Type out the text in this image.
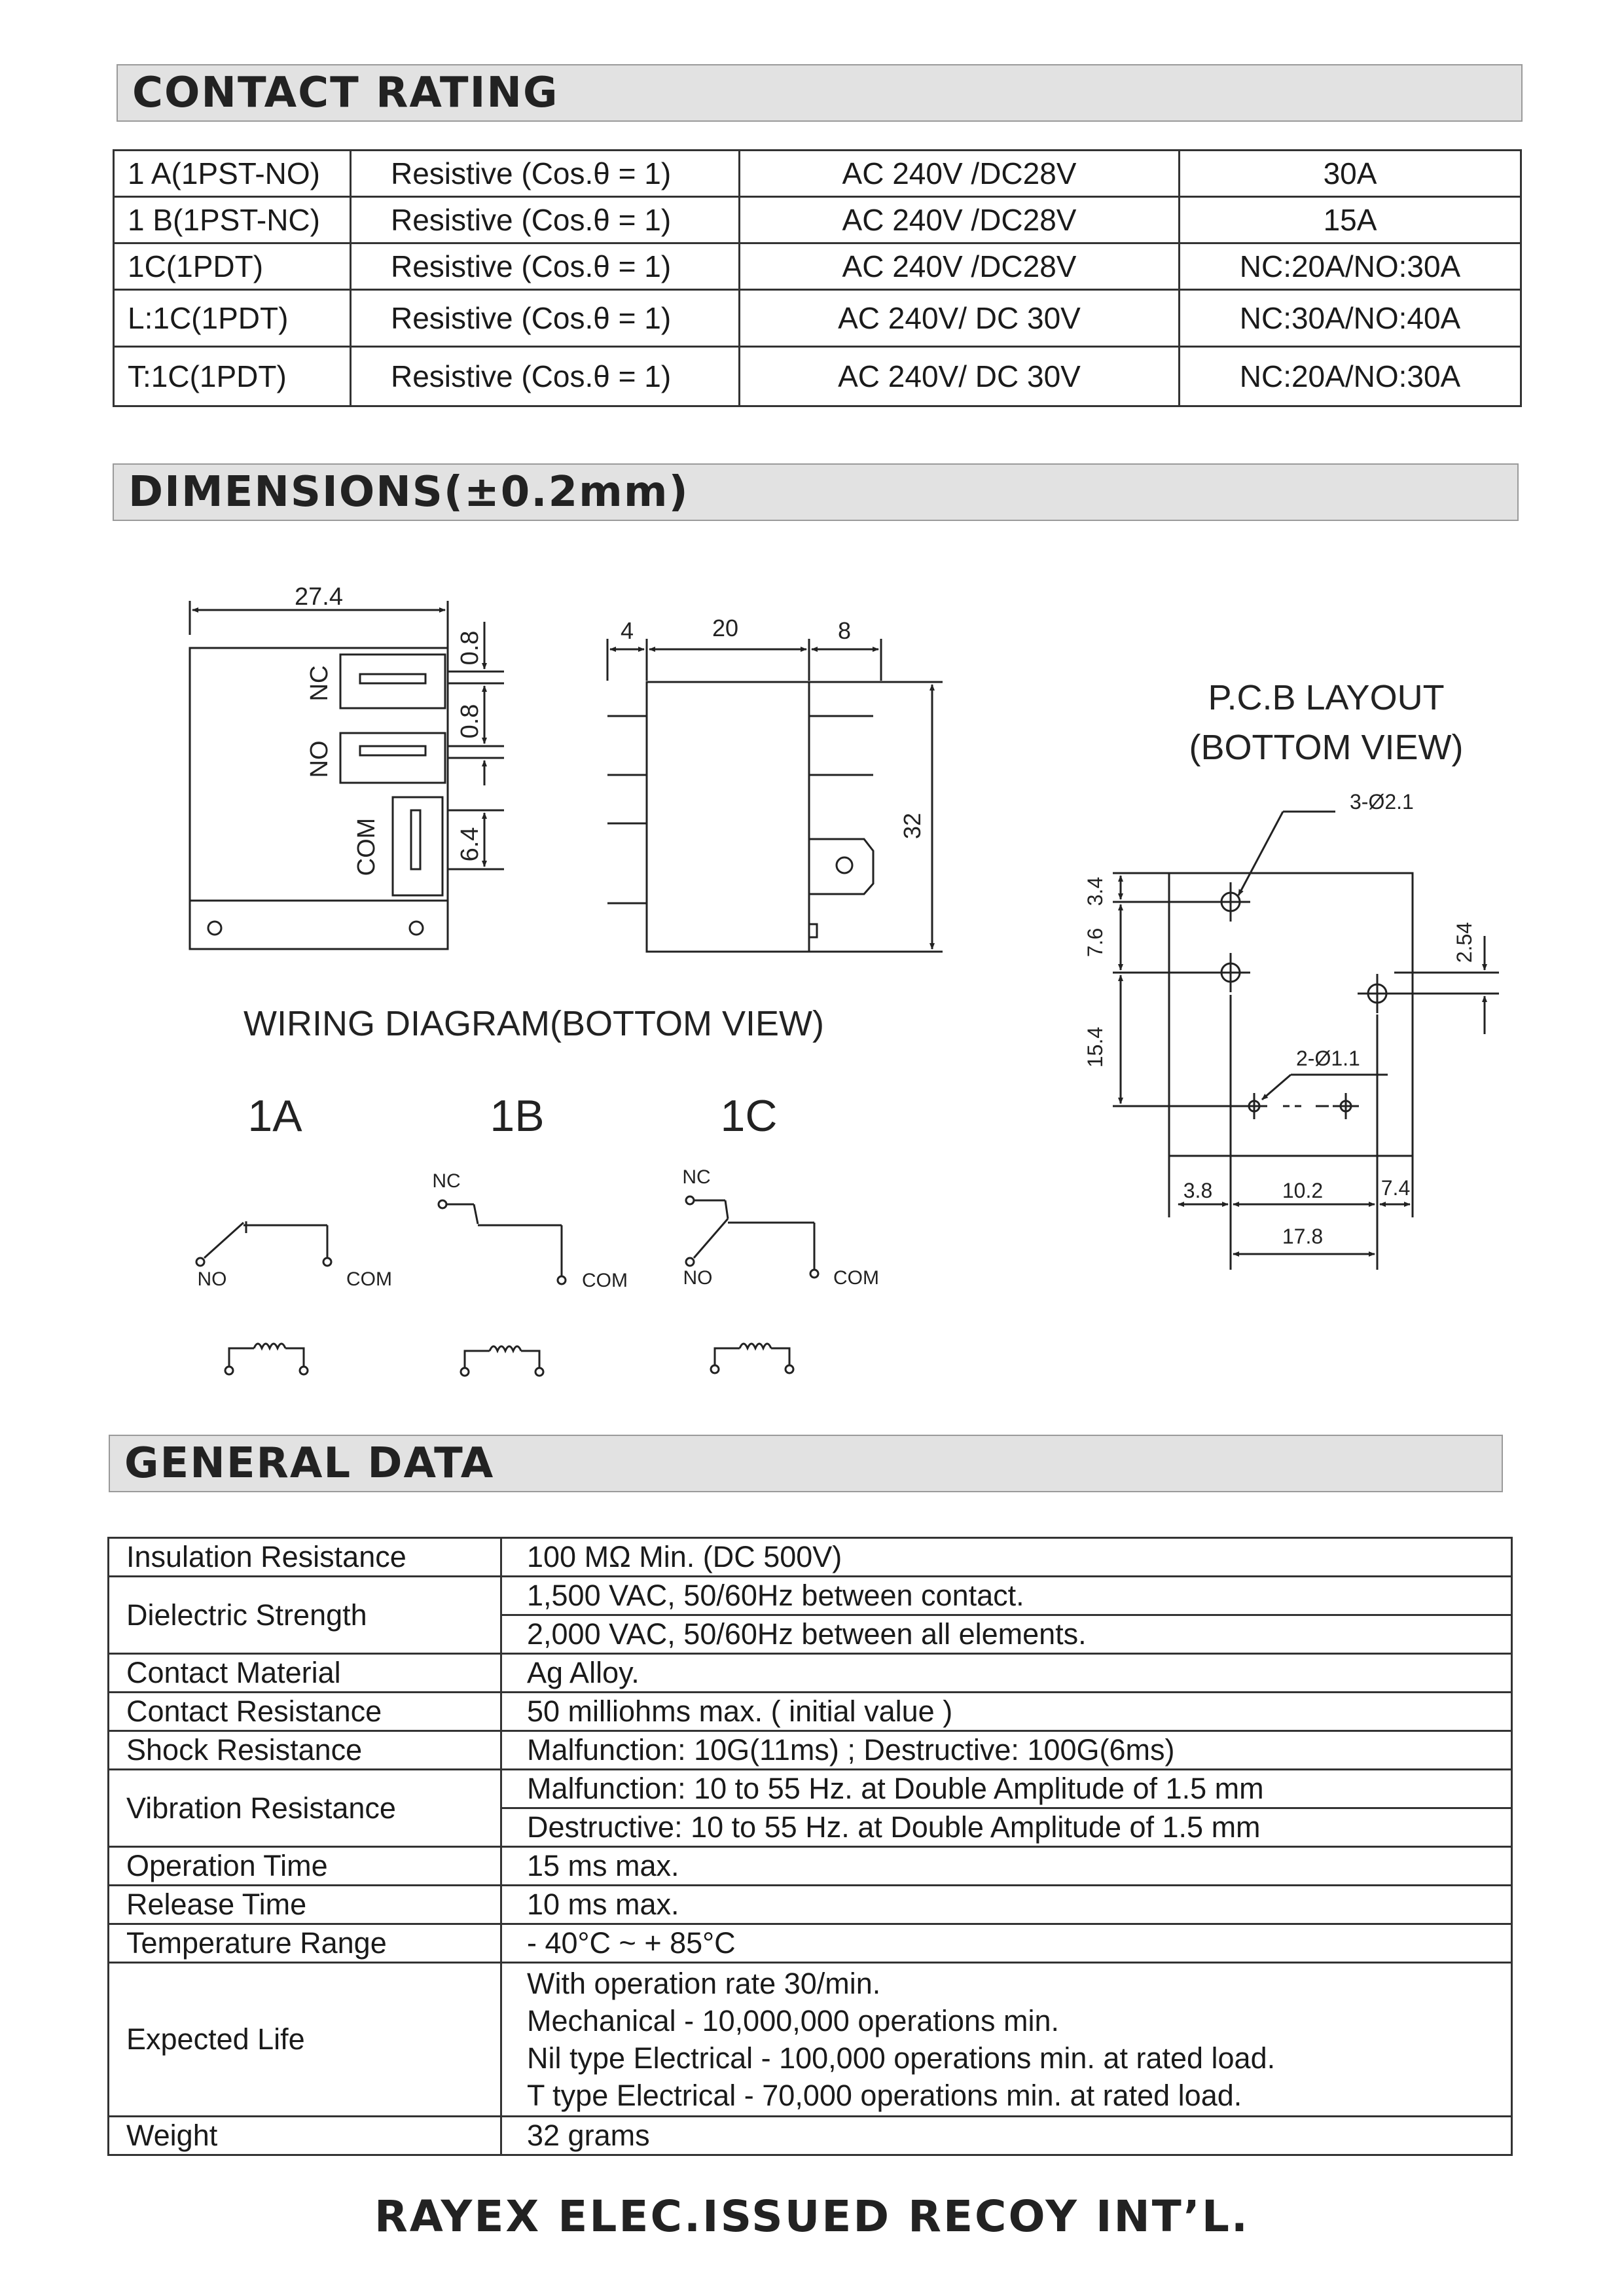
CONTACT RATING
1 A(1PST-NO)	Resistive (Cos.θ = 1)	AC 240V /DC28V	30A
1 B(1PST-NC)	Resistive (Cos.θ = 1)	AC 240V /DC28V	15A
1C(1PDT)	Resistive (Cos.θ = 1)	AC 240V /DC28V	NC:20A/NO:30A
L:1C(1PDT)	Resistive (Cos.θ = 1)	AC 240V/ DC 30V	NC:30A/NO:40A
T:1C(1PDT)	Resistive (Cos.θ = 1)	AC 240V/ DC 30V	NC:20A/NO:30A
DIMENSIONS(±0.2mm)
27.4
0.8
0.8
6.4
NC
NO
COM
4	20	8
32
P.C.B LAYOUT
(BOTTOM VIEW)
3-Ø2.1
2-Ø1.1
3.4
7.6
15.4
2.54
3.8	10.2	7.4
17.8
WIRING DIAGRAM(BOTTOM VIEW)
1A	1B	1C
NO	COM
NC
COM
NC
NO	COM
GENERAL DATA
Insulation Resistance	100 MΩ Min. (DC 500V)
Dielectric Strength	1,500 VAC, 50/60Hz between contact.
	2,000 VAC, 50/60Hz between all elements.
Contact Material	Ag Alloy.
Contact Resistance	50 milliohms max. ( initial value )
Shock Resistance	Malfunction: 10G(11ms) ; Destructive: 100G(6ms)
Vibration Resistance	Malfunction: 10 to 55 Hz. at Double Amplitude of 1.5 mm
	Destructive: 10 to 55 Hz. at Double Amplitude of 1.5 mm
Operation Time	15 ms max.
Release Time	10 ms max.
Temperature Range	- 40°C ~ + 85°C
Expected Life	With operation rate 30/min.
Mechanical - 10,000,000 operations min.
Nil type Electrical - 100,000 operations min. at rated load.
T type Electrical - 70,000 operations min. at rated load.

Weight	32 grams
RAYEX ELEC.ISSUED RECOY INT’L.
